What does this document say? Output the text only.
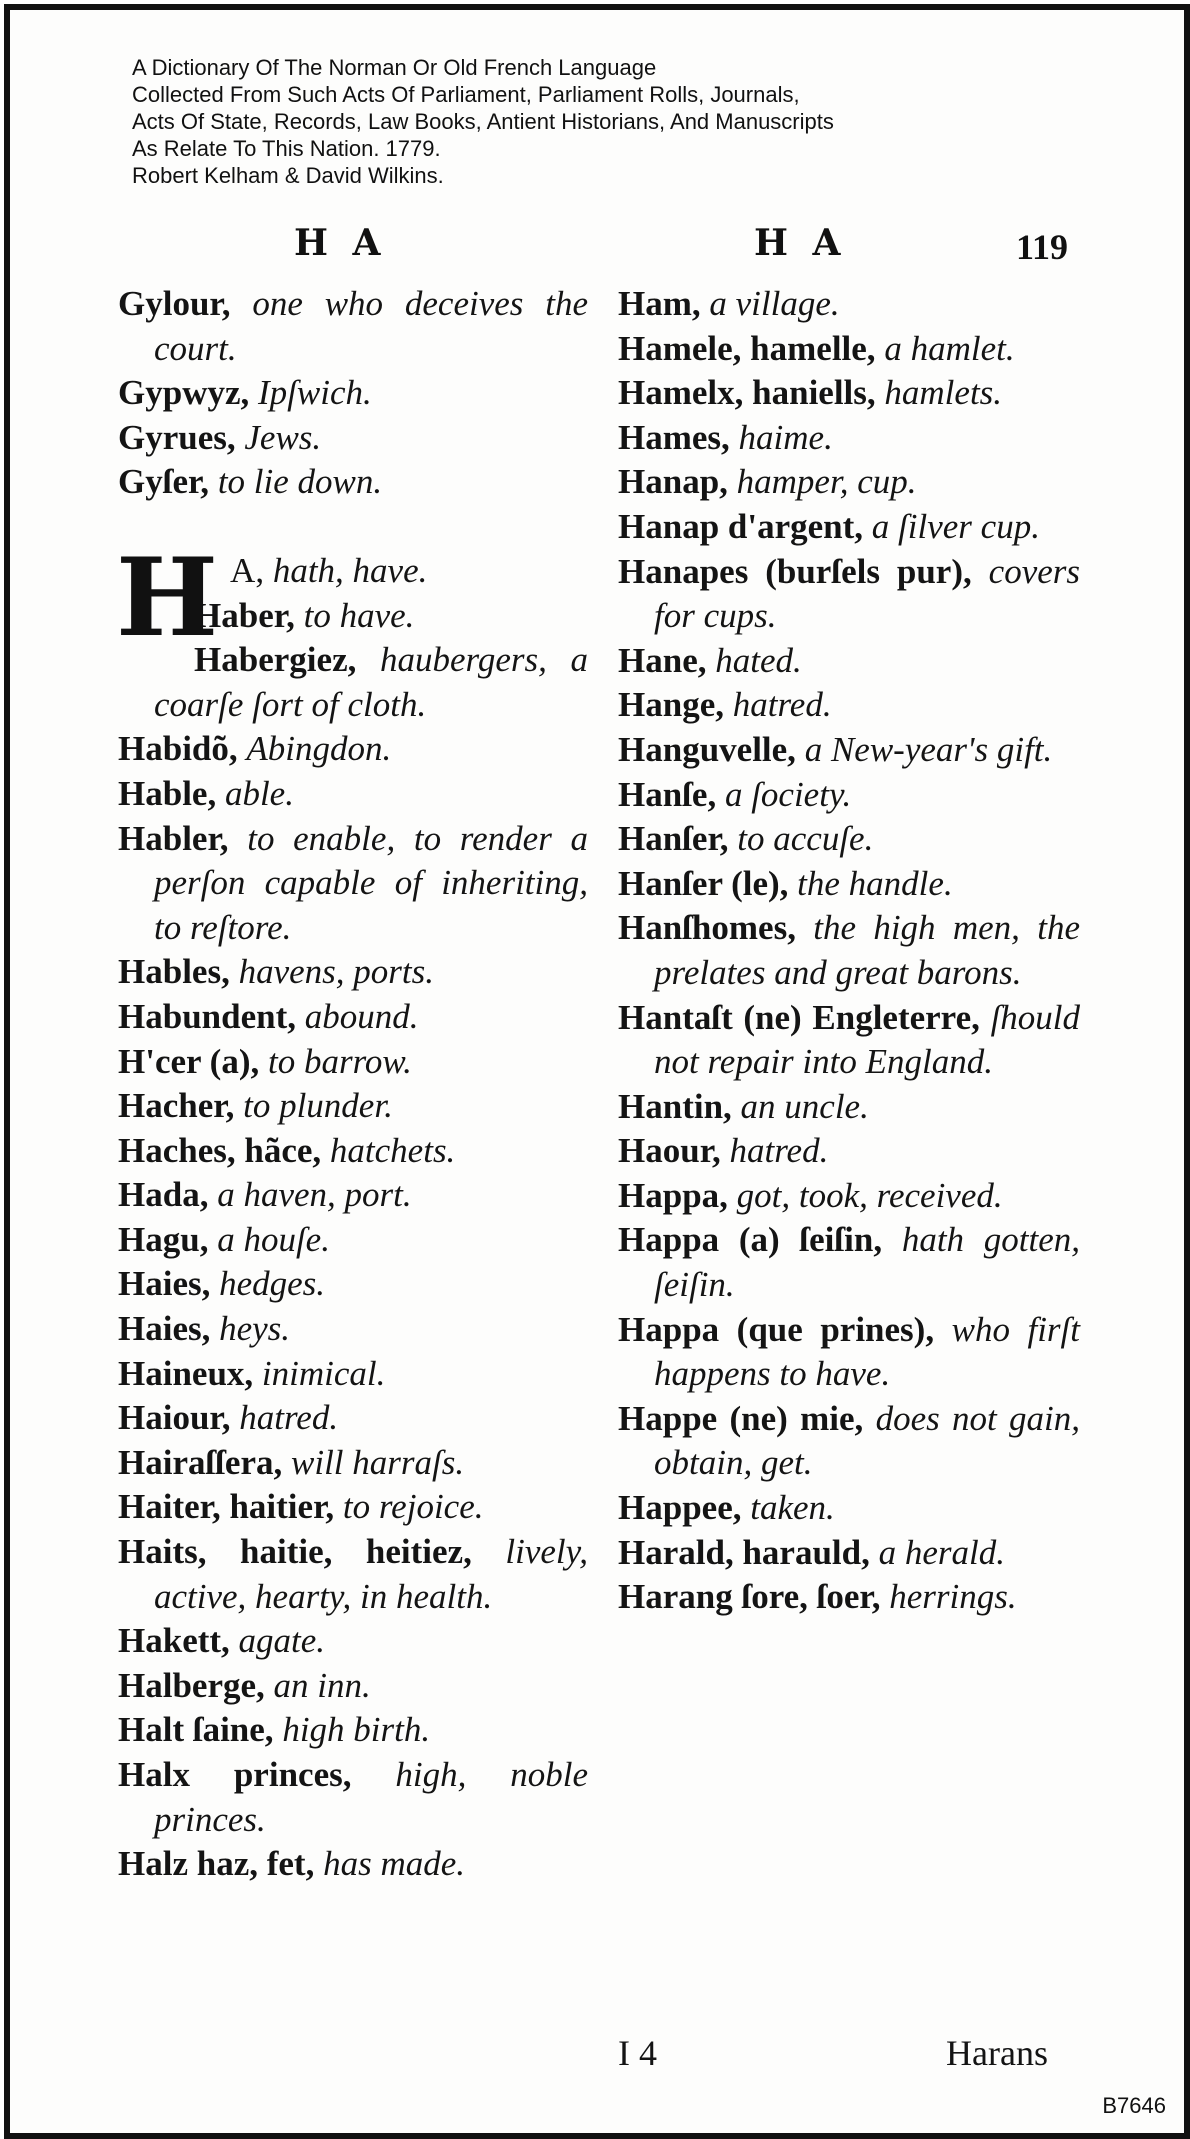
A Dictionary Of The Norman Or Old French Language
Collected From Such Acts Of Parliament, Parliament Rolls, Journals,
Acts Of State, Records, Law Books, Antient Historians, And Manuscripts
As Relate To This Nation. 1779.
Robert Kelham & David Wilkins.
H A	H A	119
Gylour, one who deceives the court.
Gypwyz, Ipſwich.
Gyrues, Jews.
Gyſer, to lie down.
H A, hath, have.
Haber, to have.
Habergiez, haubergers, a coarſe ſort of cloth.
Habidõ, Abingdon.
Hable, able.
Habler, to enable, to render a perſon capable of inheriting, to reſtore.
Hables, havens, ports.
Habundent, abound.
H'cer (a), to barrow.
Hacher, to plunder.
Haches, hãce, hatchets.
Hada, a haven, port.
Hagu, a houſe.
Haies, hedges.
Haies, heys.
Haineux, inimical.
Haiour, hatred.
Hairaſſera, will harraſs.
Haiter, haitier, to rejoice.
Haits, haitie, heitiez, lively, active, hearty, in health.
Hakett, agate.
Halberge, an inn.
Halt ſaine, high birth.
Halx princes, high, noble princes.
Halz haz, fet, has made.
Ham, a village.
Hamele, hamelle, a hamlet.
Hamelx, haniells, hamlets.
Hames, haime.
Hanap, hamper, cup.
Hanap d'argent, a ſilver cup.
Hanapes (burſels pur), covers for cups.
Hane, hated.
Hange, hatred.
Hanguvelle, a New-year's gift.
Hanſe, a ſociety.
Hanſer, to accuſe.
Hanſer (le), the handle.
Hanſhomes, the high men, the prelates and great barons.
Hantaſt (ne) Engleterre, ſhould not repair into England.
Hantin, an uncle.
Haour, hatred.
Happa, got, took, received.
Happa (a) ſeiſin, hath gotten, ſeiſin.
Happa (que prines), who firſt happens to have.
Happe (ne) mie, does not gain, obtain, get.
Happee, taken.
Harald, harauld, a herald.
Harang ſore, ſoer, herrings.
I 4	Harans
B7646
